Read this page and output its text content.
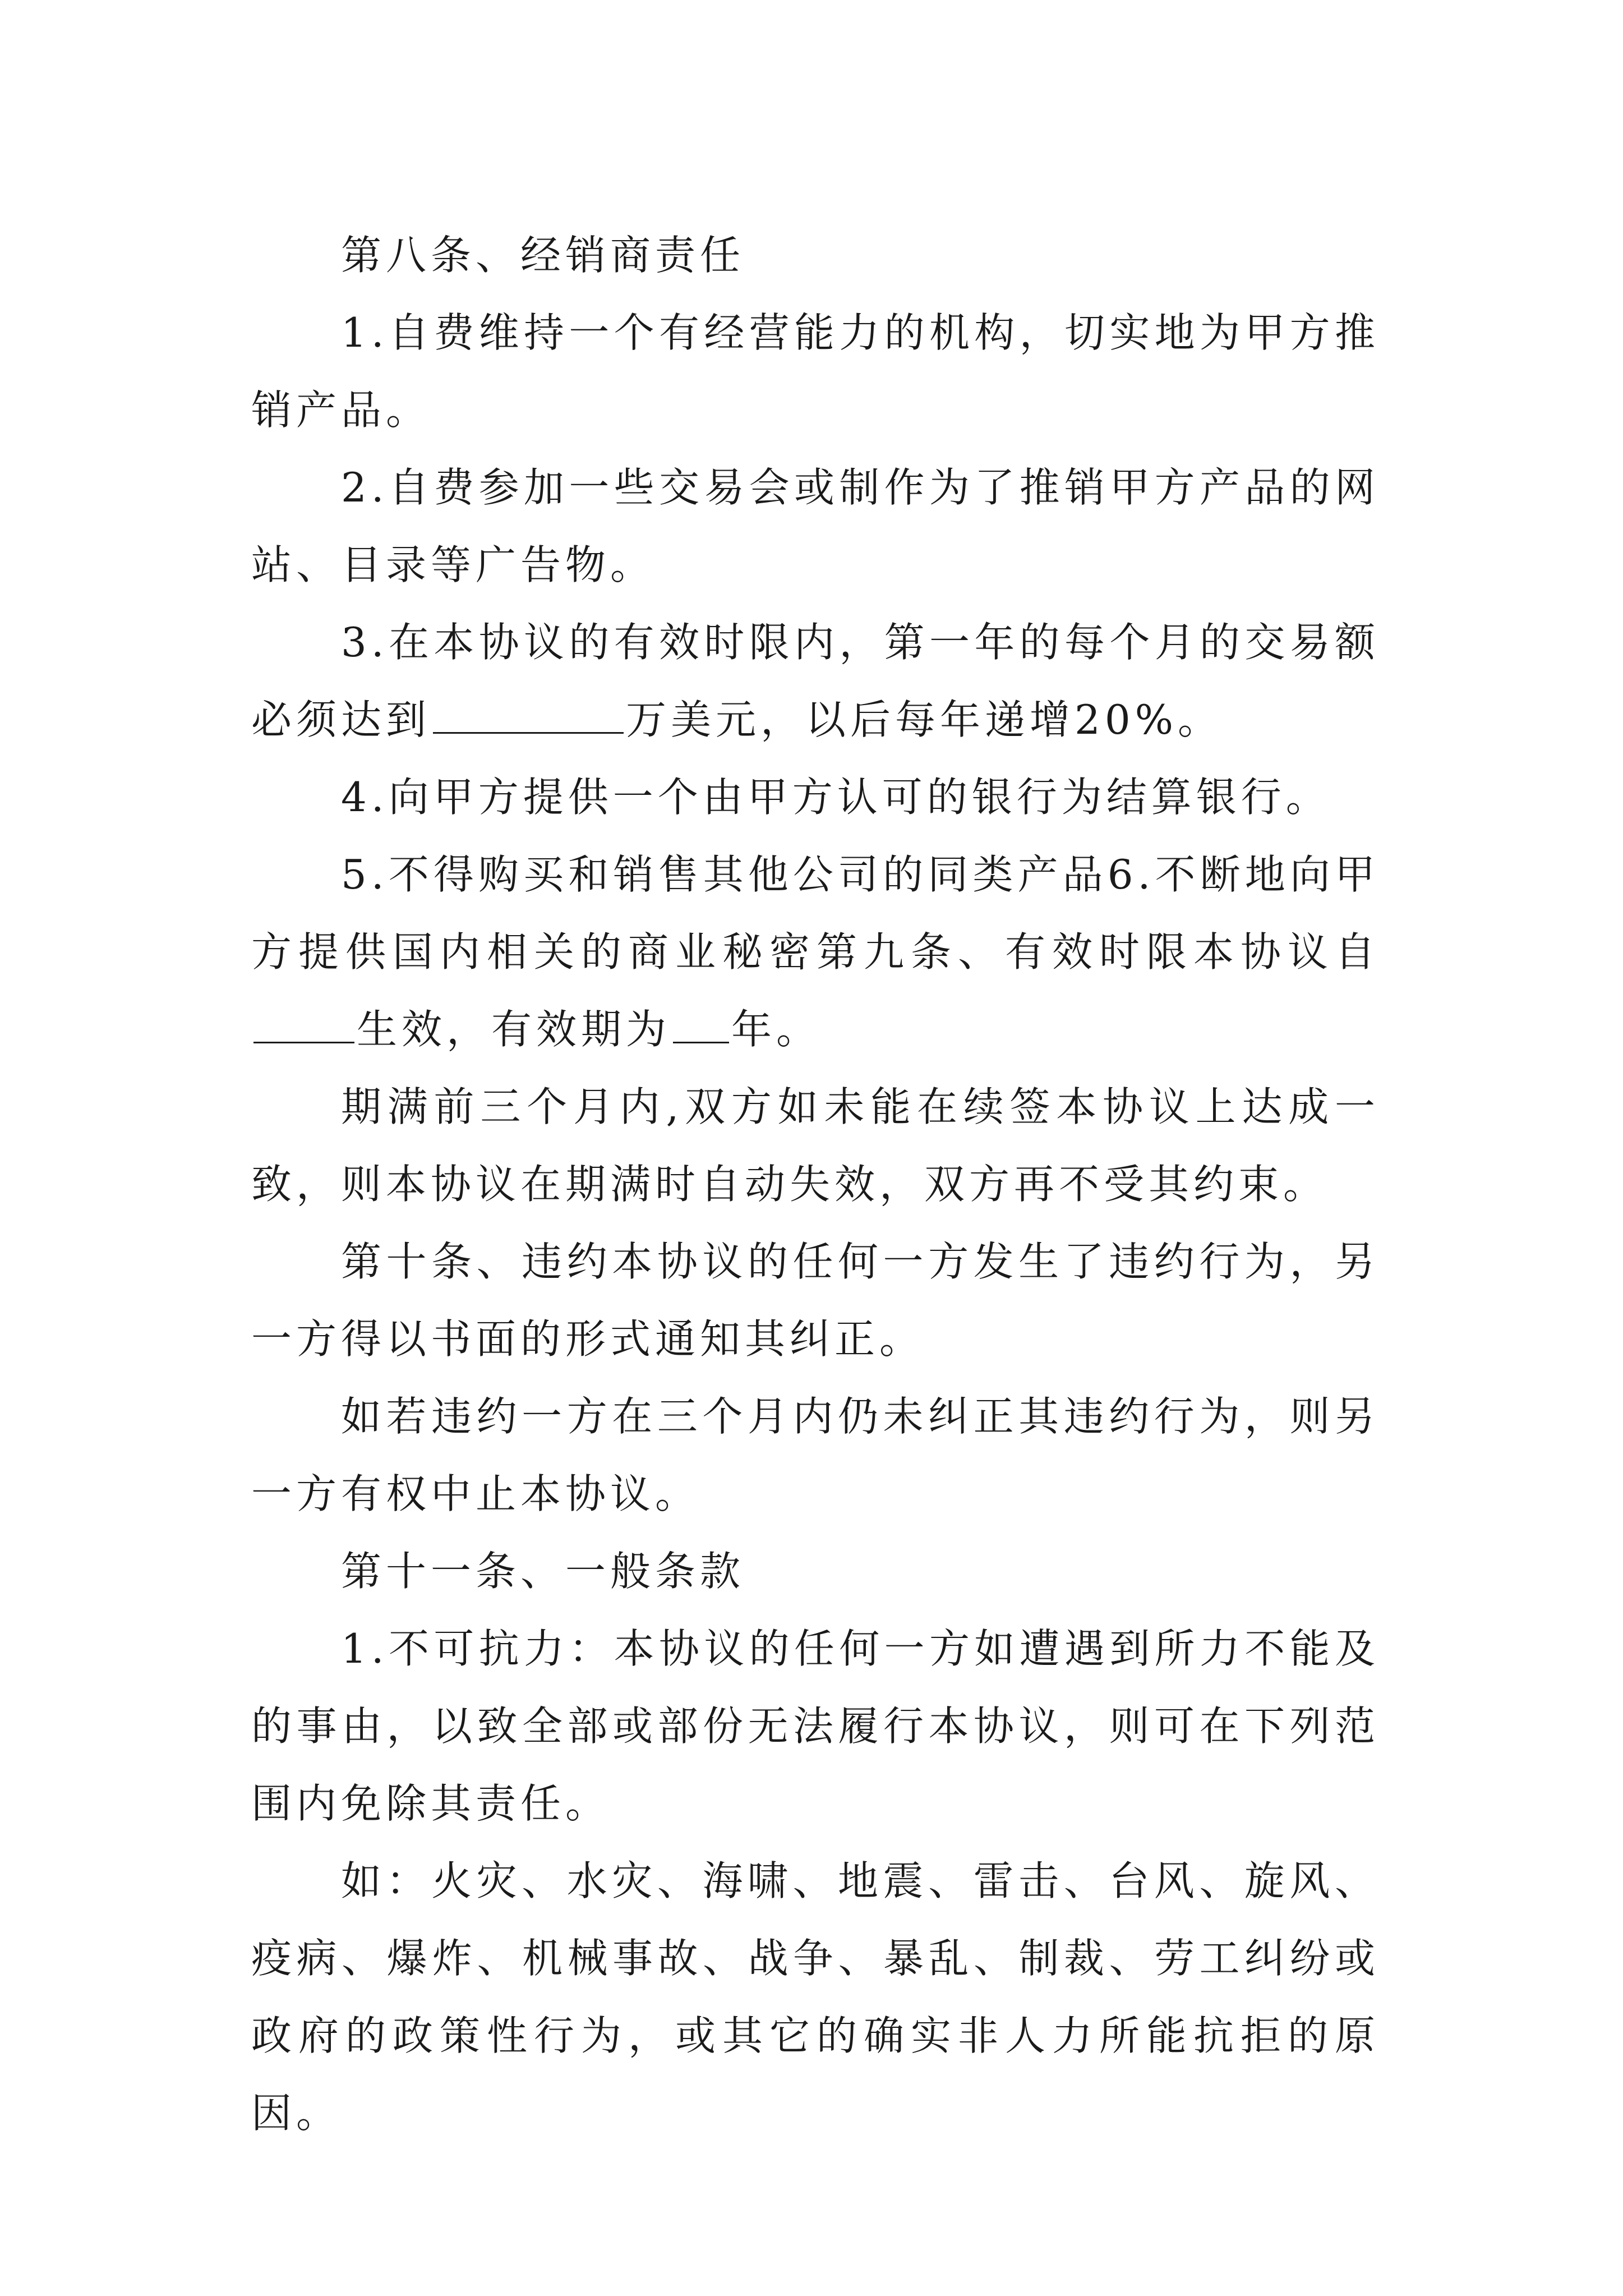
第八条、经销商责任

1.自费维持一个有经营能力的机构，切实地为甲方推销产品。

2.自费参加一些交易会或制作为了推销甲方产品的网站、目录等广告物。

3.在本协议的有效时限内，第一年的每个月的交易额必须达到	万美元，以后每年递增20%。

4.向甲方提供一个由甲方认可的银行为结算银行。

5.不得购买和销售其他公司的同类产品6.不断地向甲方提供国内相关的商业秘密第九条、有效时限本协议自生效，有效期为 年。

期满前三个月内,双方如未能在续签本协议上达成一致，则本协议在期满时自动失效，双方再不受其约束。

第十条、违约本协议的任何一方发生了违约行为，另一方得以书面的形式通知其纠正。

如若违约一方在三个月内仍未纠正其违约行为，则另一方有权中止本协议。

第十一条、一般条款

1.不可抗力：本协议的任何一方如遭遇到所力不能及的事由，以致全部或部份无法履行本协议，则可在下列范围内免除其责任。

如：火灾、水灾、海啸、地震、雷击、台风、旋风、疫病、爆炸、机械事故、战争、暴乱、制裁、劳工纠纷或政府的政策性行为，或其它的确实非人力所能抗拒的原因。
